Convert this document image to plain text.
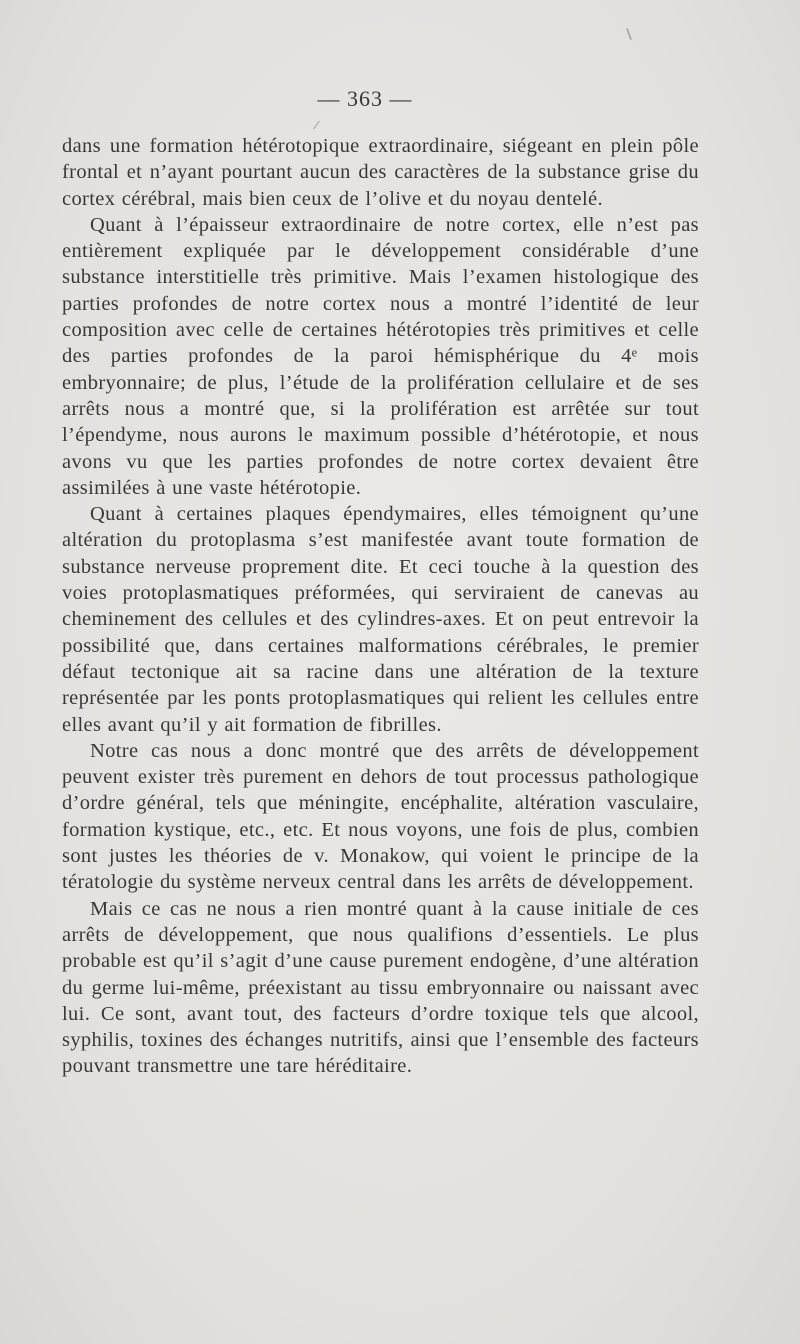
— 363 —

dans une formation hétérotopique extraordinaire, siégeant en plein pôle frontal et n’ayant pourtant aucun des caractères de la substance grise du cortex cérébral, mais bien ceux de l’olive et du noyau dentelé.

Quant à l’épaisseur extraordinaire de notre cortex, elle n’est pas entièrement expliquée par le développement considérable d’une substance interstitielle très primitive. Mais l’examen histologique des parties profondes de notre cortex nous a montré l’identité de leur composition avec celle de certaines hétérotopies très primitives et celle des parties profondes de la paroi hémisphérique du 4ᵉ mois embryonnaire; de plus, l’étude de la prolifération cellulaire et de ses arrêts nous a montré que, si la prolifération est arrêtée sur tout l’épendyme, nous aurons le maximum possible d’hétérotopie, et nous avons vu que les parties profondes de notre cortex devaient être assimilées à une vaste hétérotopie.

Quant à certaines plaques épendymaires, elles témoignent qu’une altération du protoplasma s’est manifestée avant toute formation de substance nerveuse proprement dite. Et ceci touche à la question des voies protoplasmatiques préformées, qui serviraient de canevas au cheminement des cellules et des cylindres-axes. Et on peut entrevoir la possibilité que, dans certaines malformations cérébrales, le premier défaut tectonique ait sa racine dans une altération de la texture représentée par les ponts protoplasmatiques qui relient les cellules entre elles avant qu’il y ait formation de fibrilles.

Notre cas nous a donc montré que des arrêts de développement peuvent exister très purement en dehors de tout processus pathologique d’ordre général, tels que méningite, encéphalite, altération vasculaire, formation kystique, etc., etc. Et nous voyons, une fois de plus, combien sont justes les théories de v. Monakow, qui voient le principe de la tératologie du système nerveux central dans les arrêts de développement.

Mais ce cas ne nous a rien montré quant à la cause initiale de ces arrêts de développement, que nous qualifions d’essentiels. Le plus probable est qu’il s’agit d’une cause purement endogène, d’une altération du germe lui-même, préexistant au tissu embryonnaire ou naissant avec lui. Ce sont, avant tout, des facteurs d’ordre toxique tels que alcool, syphilis, toxines des échanges nutritifs, ainsi que l’ensemble des facteurs pouvant transmettre une tare héréditaire.
